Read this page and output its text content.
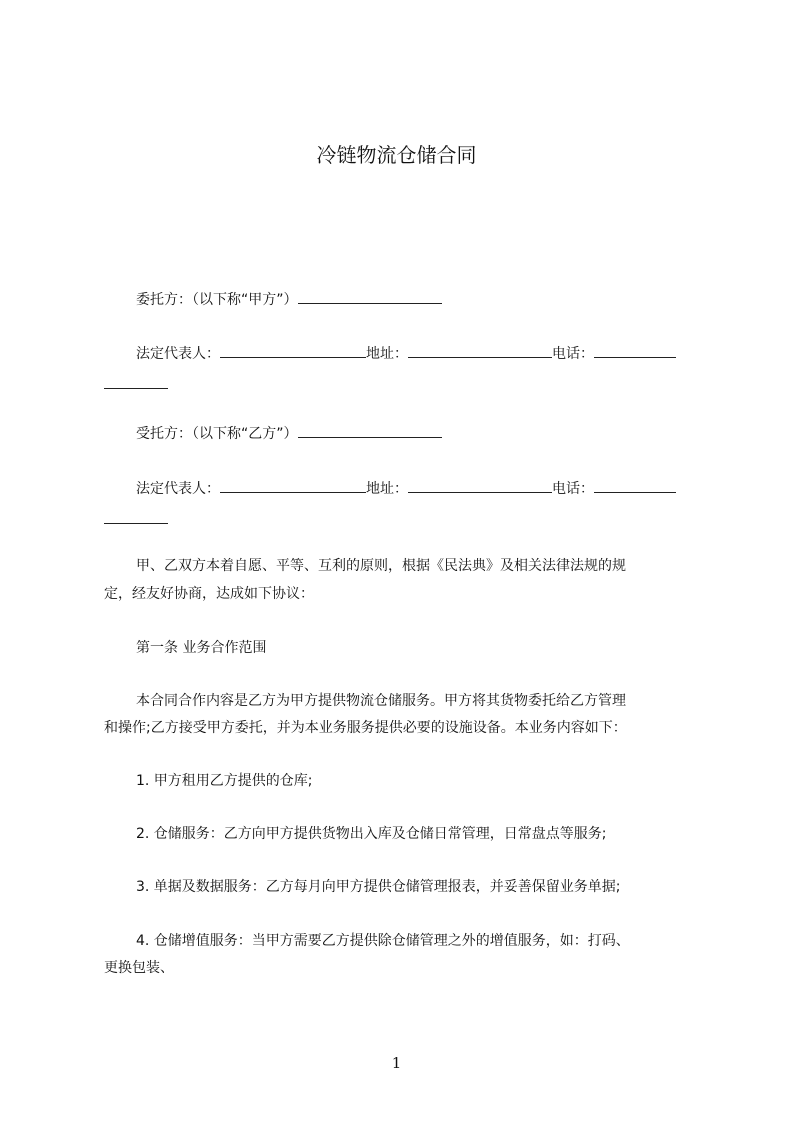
冷链物流仓储合同
委托方：（以下称“甲方”）
法定代表人：	地址：	电话：
受托方：（以下称“乙方”）
法定代表人：	地址：	电话：
甲、乙双方本着自愿、平等、互利的原则，根据《民法典》及相关法律法规的规
定，经友好协商，达成如下协议：
第一条 业务合作范围
本合同合作内容是乙方为甲方提供物流仓储服务。甲方将其货物委托给乙方管理
和操作;乙方接受甲方委托，并为本业务服务提供必要的设施设备。本业务内容如下：
1. 甲方租用乙方提供的仓库;
2. 仓储服务：乙方向甲方提供货物出入库及仓储日常管理，日常盘点等服务;
3. 单据及数据服务：乙方每月向甲方提供仓储管理报表，并妥善保留业务单据;
4. 仓储增值服务：当甲方需要乙方提供除仓储管理之外的增值服务，如：打码、
更换包装、
1
